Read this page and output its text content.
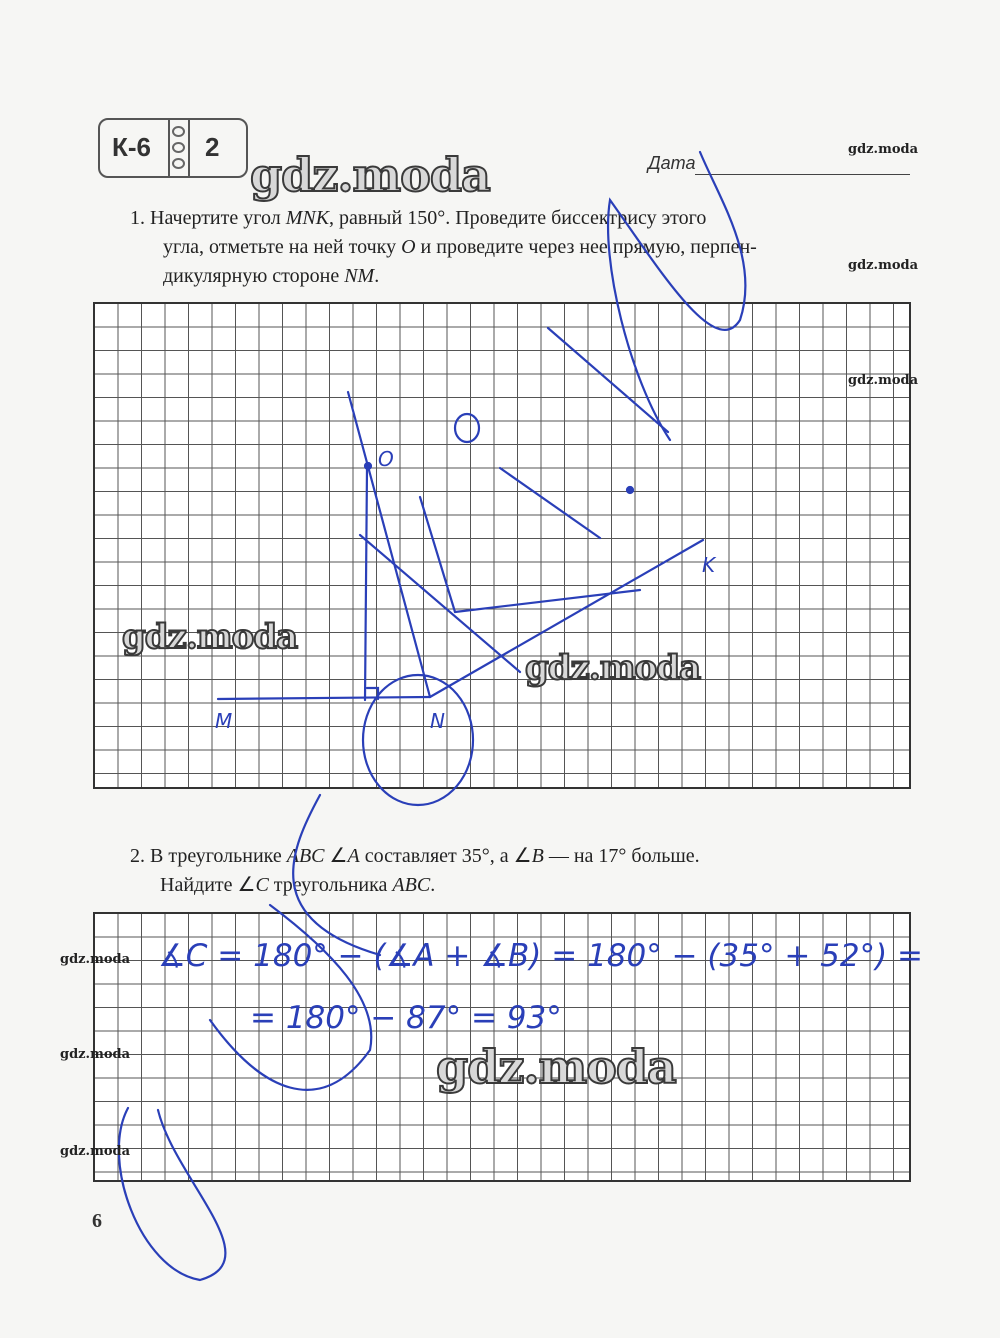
К-6 2
Дата
1. Начертите угол MNK, равный 150°. Проведите биссектрису этого
угла, отметьте на ней точку O и проведите через нее прямую, перпен-
дикулярную стороне NM.
2. В треугольнике ABC ∠A составляет 35°, а ∠B — на 17° больше.
Найдите ∠C треугольника ABC.
O
M	N
K
∡C = 180° − (∡A + ∡B) = 180° − (35° + 52°) =
= 180° − 87° = 93°
gdz.moda
gdz.moda
gdz.moda
gdz.moda
gdz.moda
gdz.moda
gdz.moda
gdz.moda
gdz.moda
gdz.moda
6
